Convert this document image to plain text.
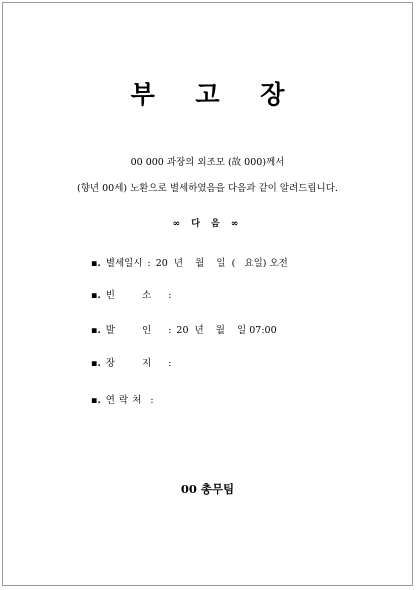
부 고 장
00 000 과장의 외조모 (故 000)께서
(향년 00세) 노환으로 별세하였음을 다음과 같이 알려드립니다.
∞ 다 음 ∞
▪. 별세일시 : 20  년    월    일  (   요일) 오전
▪. 빈 소 :
▪. 발 인 : 20  년    월    일 07:00
▪. 장 지 :
▪. 연락처 :
00 총무팀
